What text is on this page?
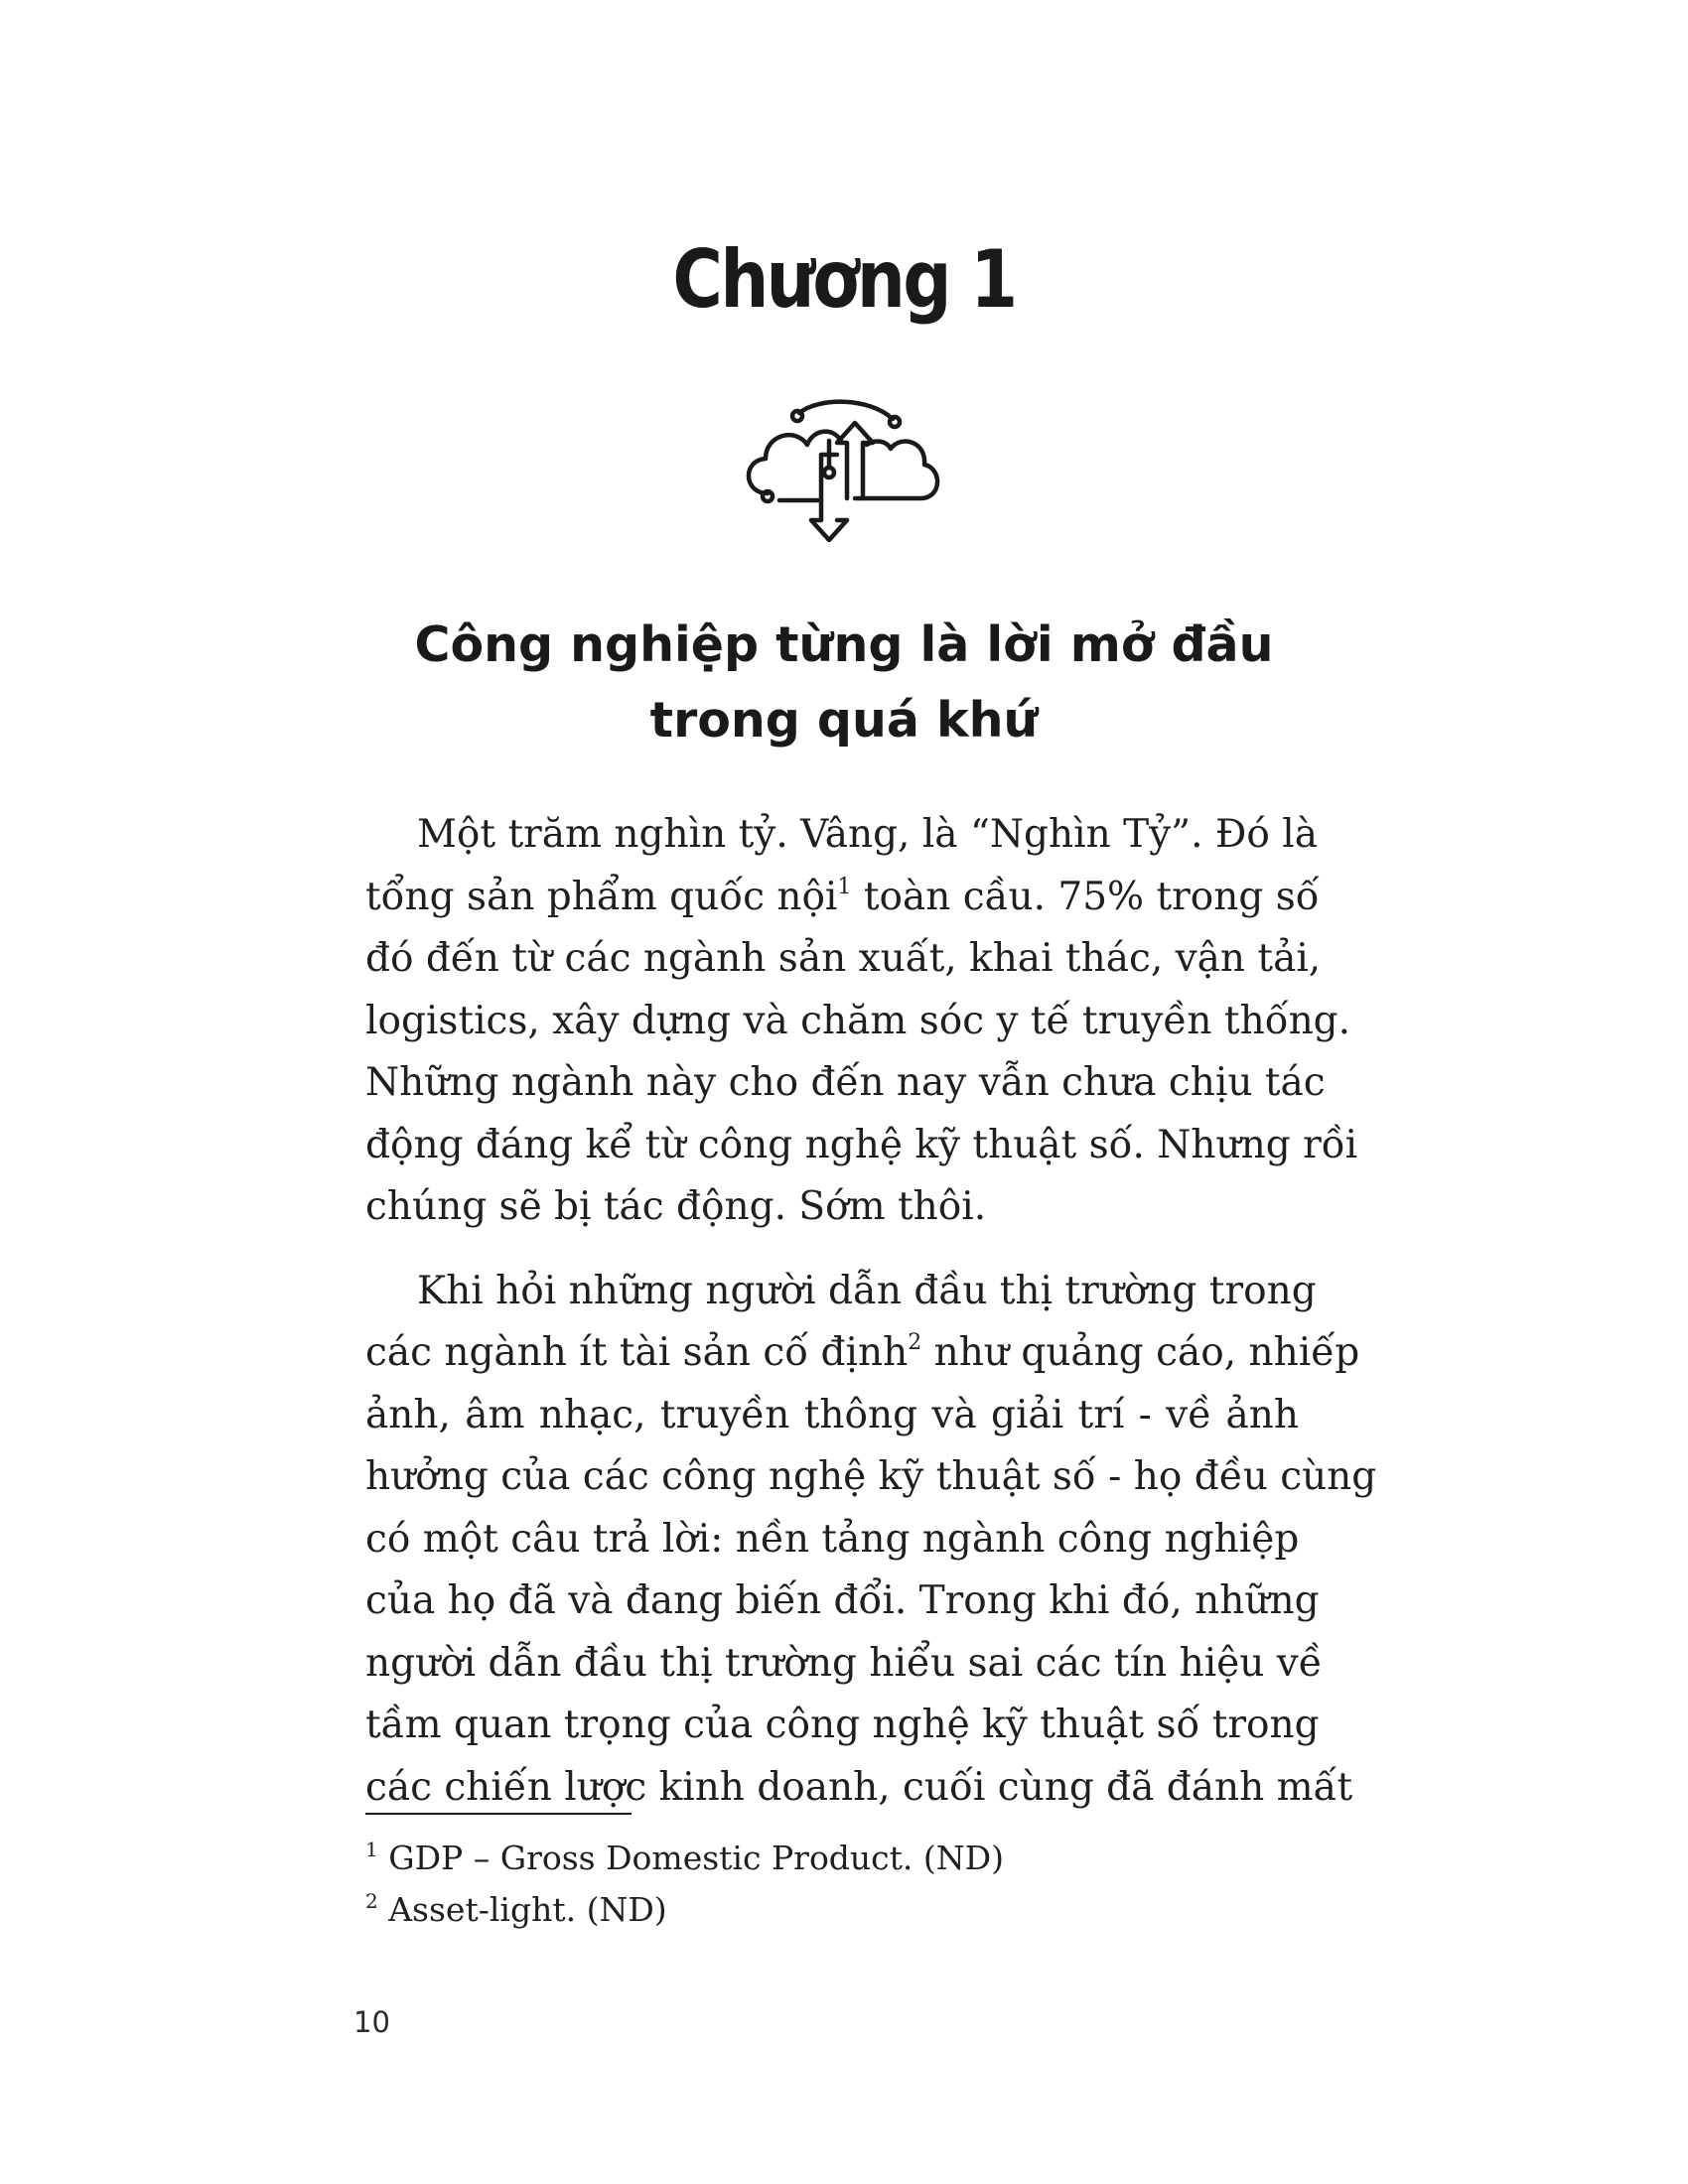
Chương 1
Công nghiệp từng là lời mở đầu
trong quá khứ
Một trăm nghìn tỷ. Vâng, là “Nghìn Tỷ”. Đó là
tổng sản phẩm quốc nội$^1$ toàn cầu. 75% trong số
đó đến từ các ngành sản xuất, khai thác, vận tải,
logistics, xây dựng và chăm sóc y tế truyền thống.
Những ngành này cho đến nay vẫn chưa chịu tác
động đáng kể từ công nghệ kỹ thuật số. Nhưng rồi
chúng sẽ bị tác động. Sớm thôi.
Khi hỏi những người dẫn đầu thị trường trong
các ngành ít tài sản cố định$^2$ như quảng cáo, nhiếp
ảnh, âm nhạc, truyền thông và giải trí - về ảnh
hưởng của các công nghệ kỹ thuật số - họ đều cùng
có một câu trả lời: nền tảng ngành công nghiệp
của họ đã và đang biến đổi. Trong khi đó, những
người dẫn đầu thị trường hiểu sai các tín hiệu về
tầm quan trọng của công nghệ kỹ thuật số trong
các chiến lược kinh doanh, cuối cùng đã đánh mất
$^1$ GDP – Gross Domestic Product. (ND)
$^2$ Asset-light. (ND)
10
